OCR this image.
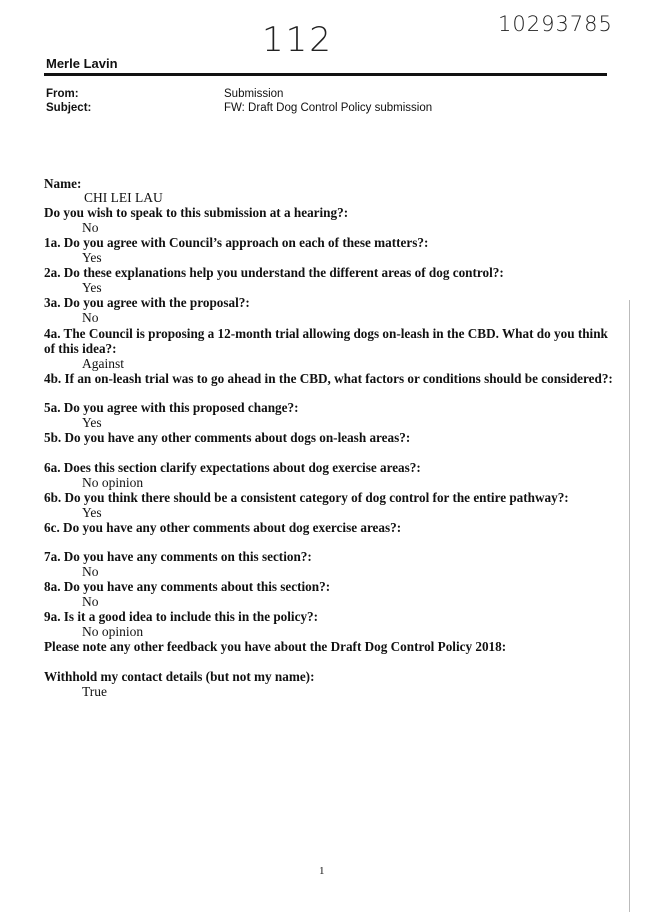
112	10293785
Merle Lavin
From:	Submission
Subject:	FW: Draft Dog Control Policy submission
Name:
CHI LEI LAU
Do you wish to speak to this submission at a hearing?:
No
1a. Do you agree with Council’s approach on each of these matters?:
Yes
2a. Do these explanations help you understand the different areas of dog control?:
Yes
3a. Do you agree with the proposal?:
No
4a. The Council is proposing a 12-month trial allowing dogs on-leash in the CBD. What do you think
of this idea?:
Against
4b. If an on-leash trial was to go ahead in the CBD, what factors or conditions should be considered?:
5a. Do you agree with this proposed change?:
Yes
5b. Do you have any other comments about dogs on-leash areas?:
6a. Does this section clarify expectations about dog exercise areas?:
No opinion
6b. Do you think there should be a consistent category of dog control for the entire pathway?:
Yes
6c. Do you have any other comments about dog exercise areas?:
7a. Do you have any comments on this section?:
No
8a. Do you have any comments about this section?:
No
9a. Is it a good idea to include this in the policy?:
No opinion
Please note any other feedback you have about the Draft Dog Control Policy 2018:
Withhold my contact details (but not my name):
True
1
